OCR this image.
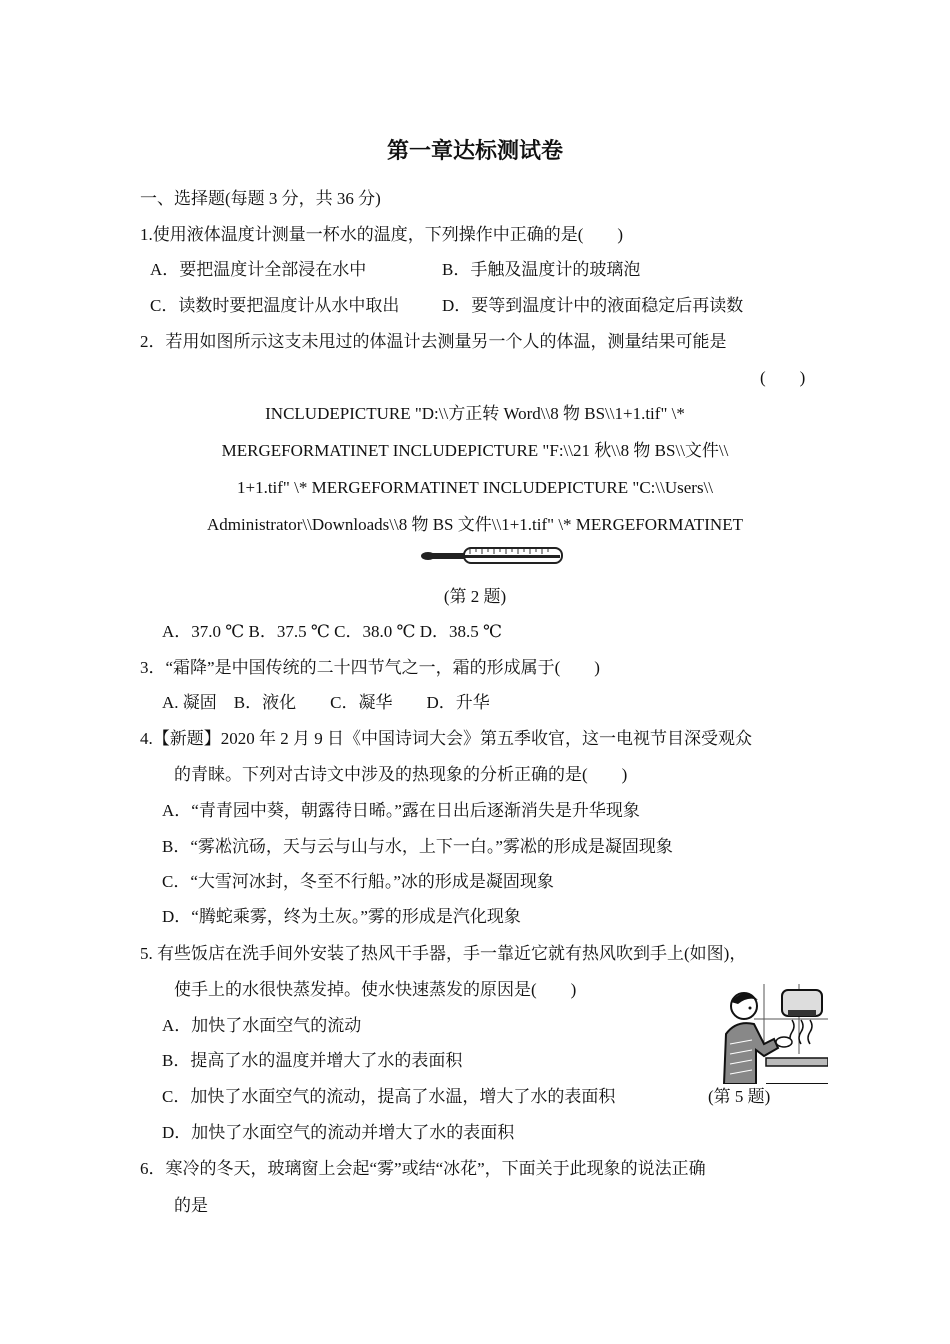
第一章达标测试卷
一、选择题(每题 3 分，共 36 分)
1.使用液体温度计测量一杯水的温度，下列操作中正确的是(　　)
A．要把温度计全部浸在水中	B．手触及温度计的玻璃泡
C．读数时要把温度计从水中取出	D．要等到温度计中的液面稳定后再读数
2．若用如图所示这支未甩过的体温计去测量另一个人的体温，测量结果可能是
(　　)
INCLUDEPICTURE "D:\\方正转 Word\\8 物 BS\\1+1.tif" \*
MERGEFORMATINET INCLUDEPICTURE "F:\\21 秋\\8 物 BS\\文件\\
1+1.tif" \* MERGEFORMATINET INCLUDEPICTURE "C:\\Users\\
Administrator\\Downloads\\8 物 BS 文件\\1+1.tif" \* MERGEFORMATINET
(第 2 题)
A．37.0 ℃ B．37.5 ℃ C．38.0 ℃ D．38.5 ℃
3．“霜降”是中国传统的二十四节气之一，霜的形成属于(　　)
A. 凝固　B．液化　　C．凝华　　D．升华
4.【新题】2020 年 2 月 9 日《中国诗词大会》第五季收官，这一电视节目深受观众
的青睐。下列对古诗文中涉及的热现象的分析正确的是(　　)
A．“青青园中葵，朝露待日晞。”露在日出后逐渐消失是升华现象
B．“雾凇沆砀，天与云与山与水，上下一白。”雾凇的形成是凝固现象
C．“大雪河冰封，冬至不行船。”冰的形成是凝固现象
D．“腾蛇乘雾，终为土灰。”雾的形成是汽化现象
5. 有些饭店在洗手间外安装了热风干手器，手一靠近它就有热风吹到手上(如图)，
使手上的水很快蒸发掉。使水快速蒸发的原因是(　　)
A．加快了水面空气的流动
B．提高了水的温度并增大了水的表面积
C．加快了水面空气的流动，提高了水温，增大了水的表面积	(第 5 题)
D．加快了水面空气的流动并增大了水的表面积
6．寒冷的冬天，玻璃窗上会起“雾”或结“冰花”，下面关于此现象的说法正确
的是
